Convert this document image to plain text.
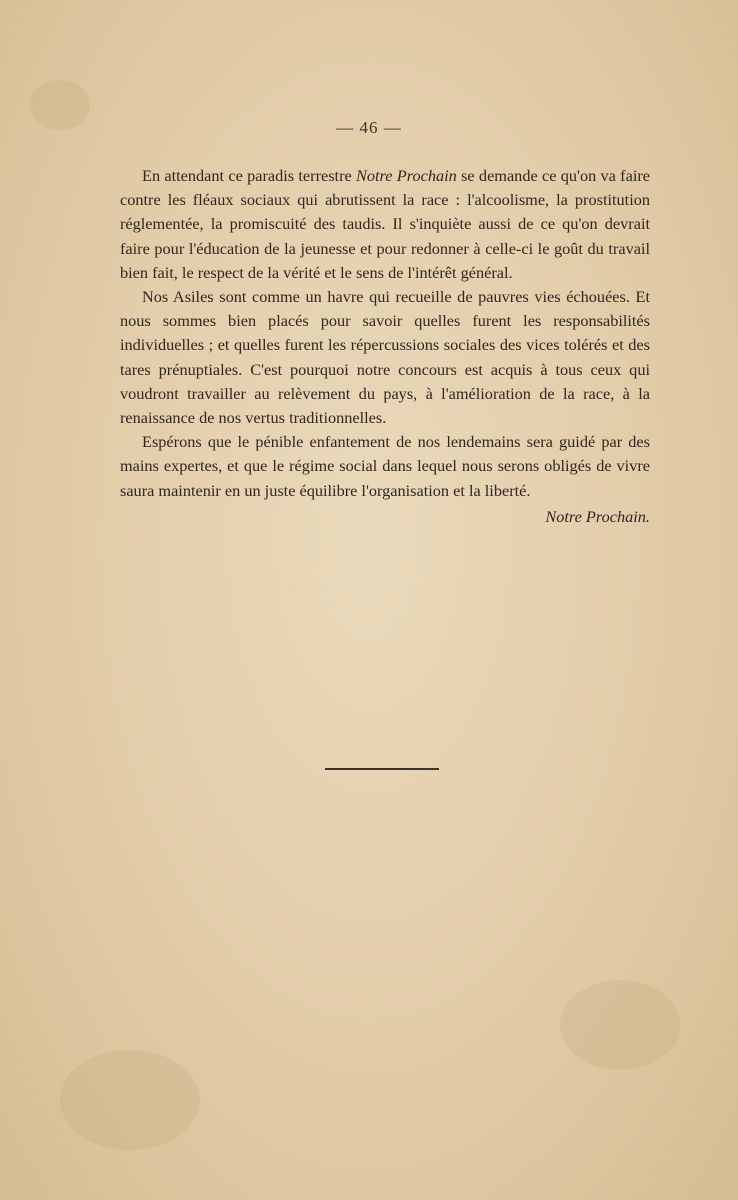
— 46 —

En attendant ce paradis terrestre Notre Prochain se demande ce qu'on va faire contre les fléaux sociaux qui abrutissent la race : l'alcoolisme, la prostitution réglementée, la promiscuité des taudis. Il s'inquiète aussi de ce qu'on devrait faire pour l'éducation de la jeunesse et pour redonner à celle-ci le goût du travail bien fait, le respect de la vérité et le sens de l'intérêt général.

Nos Asiles sont comme un havre qui recueille de pauvres vies échouées. Et nous sommes bien placés pour savoir quelles furent les responsabilités individuelles ; et quelles furent les répercussions sociales des vices tolérés et des tares prénuptiales. C'est pourquoi notre concours est acquis à tous ceux qui voudront travailler au relèvement du pays, à l'amélioration de la race, à la renaissance de nos vertus traditionnelles.

Espérons que le pénible enfantement de nos lendemains sera guidé par des mains expertes, et que le régime social dans lequel nous serons obligés de vivre saura maintenir en un juste équilibre l'organisation et la liberté.

Notre Prochain.
